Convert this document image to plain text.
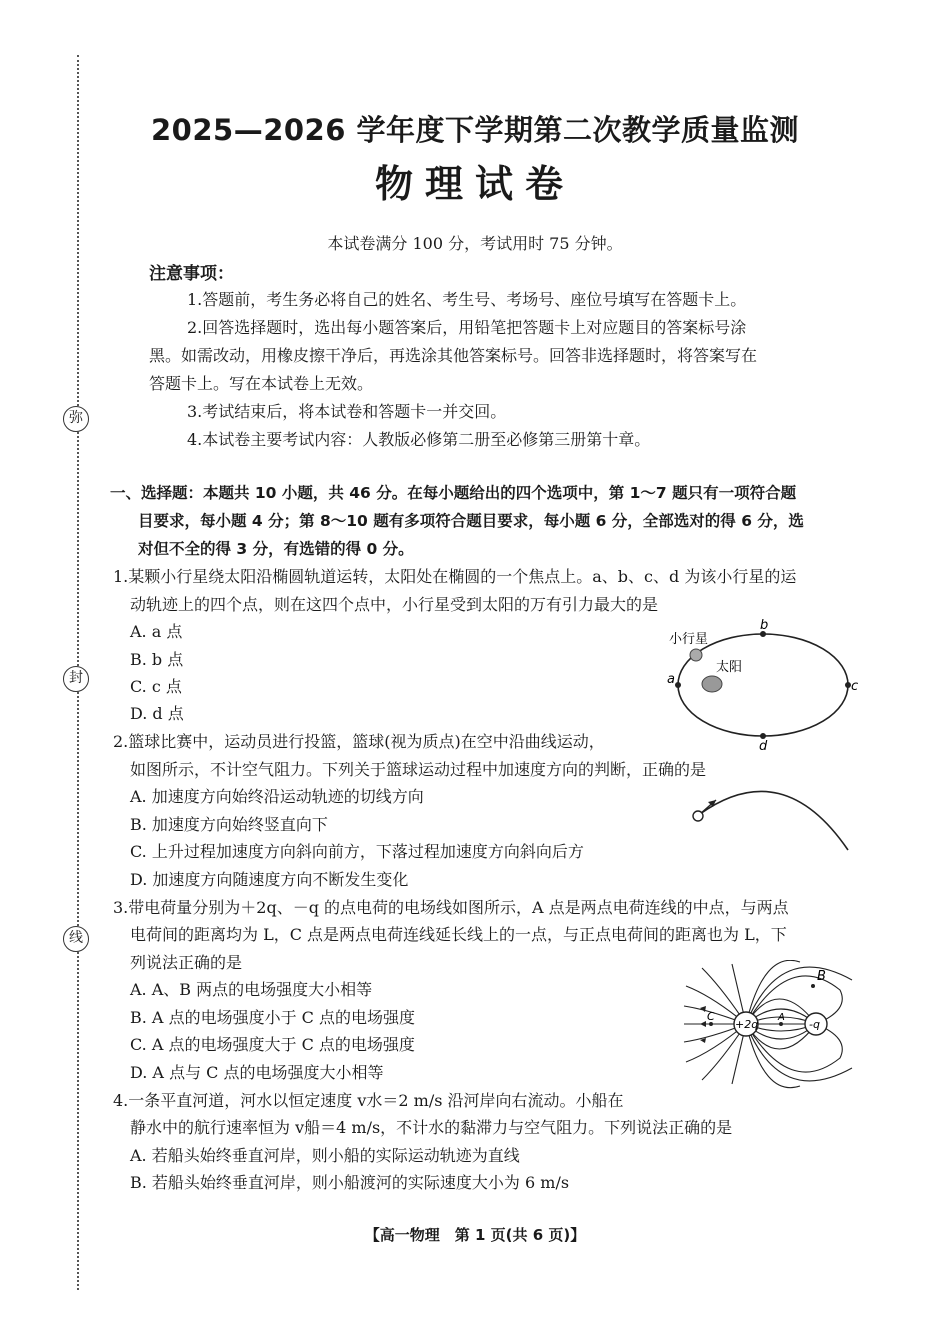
弥
封
线
2025—2026 学年度下学期第二次教学质量监测
物理试卷
本试卷满分 100 分，考试用时 75 分钟。
注意事项：
1.答题前，考生务必将自己的姓名、考生号、考场号、座位号填写在答题卡上。
2.回答选择题时，选出每小题答案后，用铅笔把答题卡上对应题目的答案标号涂
黑。如需改动，用橡皮擦干净后，再选涂其他答案标号。回答非选择题时，将答案写在
答题卡上。写在本试卷上无效。
3.考试结束后，将本试卷和答题卡一并交回。
4.本试卷主要考试内容：人教版必修第二册至必修第三册第十章。
一、选择题：本题共 10 小题，共 46 分。在每小题给出的四个选项中，第 1～7 题只有一项符合题
目要求，每小题 4 分；第 8～10 题有多项符合题目要求，每小题 6 分，全部选对的得 6 分，选
对但不全的得 3 分，有选错的得 0 分。
1.某颗小行星绕太阳沿椭圆轨道运转，太阳处在椭圆的一个焦点上。a、b、c、d 为该小行星的运
动轨迹上的四个点，则在这四个点中，小行星受到太阳的万有引力最大的是
A. a 点
B. b 点
C. c 点
D. d 点
小行星
太阳
b
d
a	c
2.篮球比赛中，运动员进行投篮，篮球(视为质点)在空中沿曲线运动，
如图所示，不计空气阻力。下列关于篮球运动过程中加速度方向的判断，正确的是
A. 加速度方向始终沿运动轨迹的切线方向
B. 加速度方向始终竖直向下
C. 上升过程加速度方向斜向前方，下落过程加速度方向斜向后方
D. 加速度方向随速度方向不断发生变化
3.带电荷量分别为＋2q、－q 的点电荷的电场线如图所示，A 点是两点电荷连线的中点，与两点
电荷间的距离均为 L，C 点是两点电荷连线延长线上的一点，与正点电荷间的距离也为 L，下
列说法正确的是
A. A、B 两点的电场强度大小相等
B. A 点的电场强度小于 C 点的电场强度
C. A 点的电场强度大于 C 点的电场强度
D. A 点与 C 点的电场强度大小相等
+2q	-q
A
C
B
4.一条平直河道，河水以恒定速度 v水＝2 m/s 沿河岸向右流动。小船在
静水中的航行速率恒为 v船＝4 m/s，不计水的黏滞力与空气阻力。下列说法正确的是
A. 若船头始终垂直河岸，则小船的实际运动轨迹为直线
B. 若船头始终垂直河岸，则小船渡河的实际速度大小为 6 m/s
【高一物理　第 1 页(共 6 页)】
